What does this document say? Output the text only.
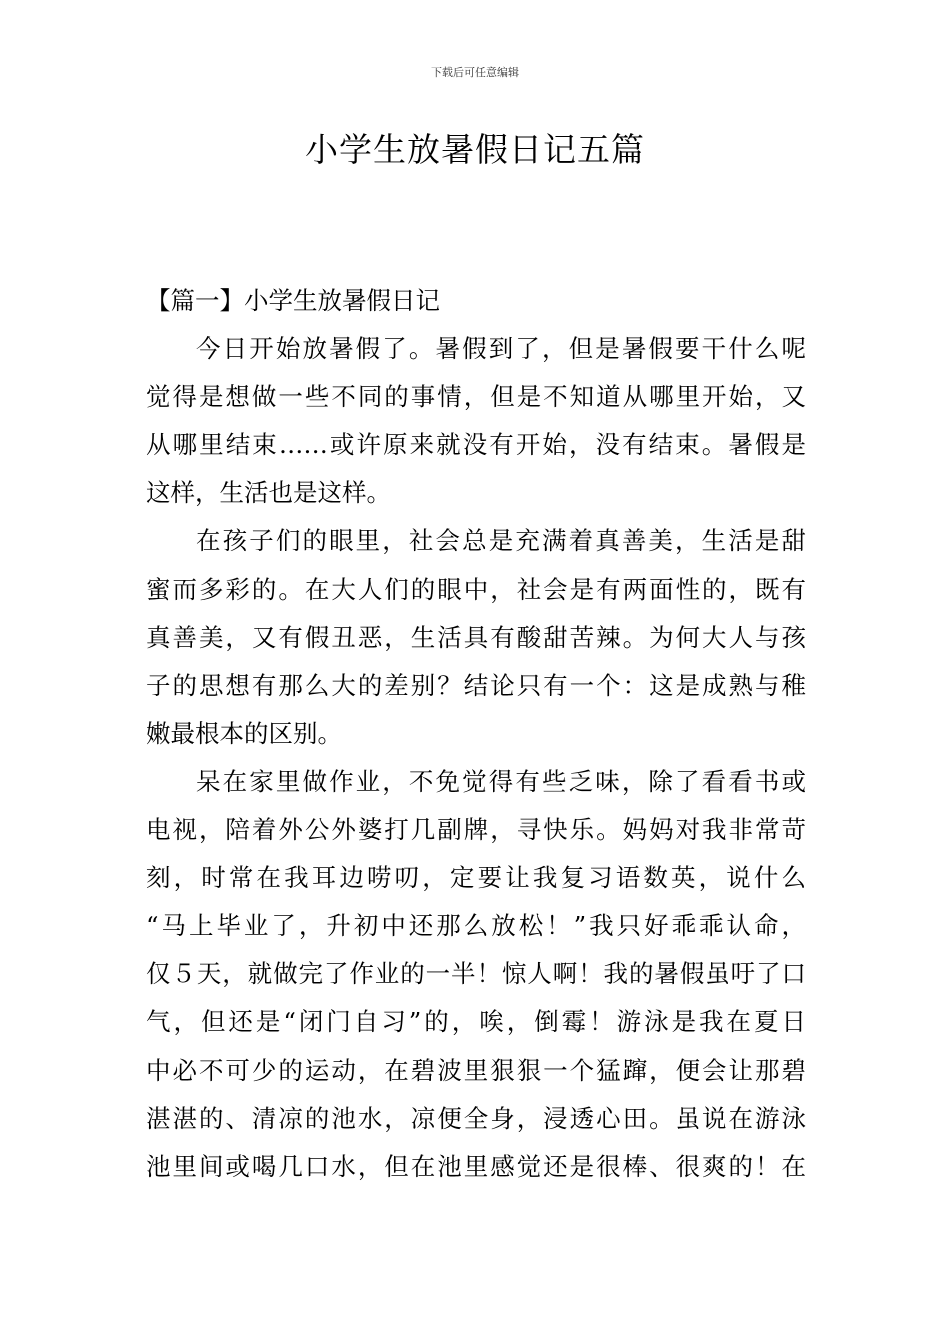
下载后可任意编辑
小学生放暑假日记五篇
【篇一】小学生放暑假日记
今日开始放暑假了。暑假到了，但是暑假要干什么呢
觉得是想做一些不同的事情，但是不知道从哪里开始，又
从哪里结束……或许原来就没有开始，没有结束。暑假是
这样，生活也是这样。
在孩子们的眼里，社会总是充满着真善美，生活是甜
蜜而多彩的。在大人们的眼中，社会是有两面性的，既有
真善美，又有假丑恶，生活具有酸甜苦辣。为何大人与孩
子的思想有那么大的差别？结论只有一个：这是成熟与稚
嫩最根本的区别。
呆在家里做作业，不免觉得有些乏味，除了看看书或
电视，陪着外公外婆打几副牌，寻快乐。妈妈对我非常苛
刻，时常在我耳边唠叨，定要让我复习语数英，说什么
“马上毕业了，升初中还那么放松！”我只好乖乖认命，
仅５天，就做完了作业的一半！惊人啊！我的暑假虽吁了口
气，但还是“闭门自习”的，唉，倒霉！游泳是我在夏日
中必不可少的运动，在碧波里狠狠一个猛蹿，便会让那碧
湛湛的、清凉的池水，凉便全身，浸透心田。虽说在游泳
池里间或喝几口水，但在池里感觉还是很棒、很爽的！在
